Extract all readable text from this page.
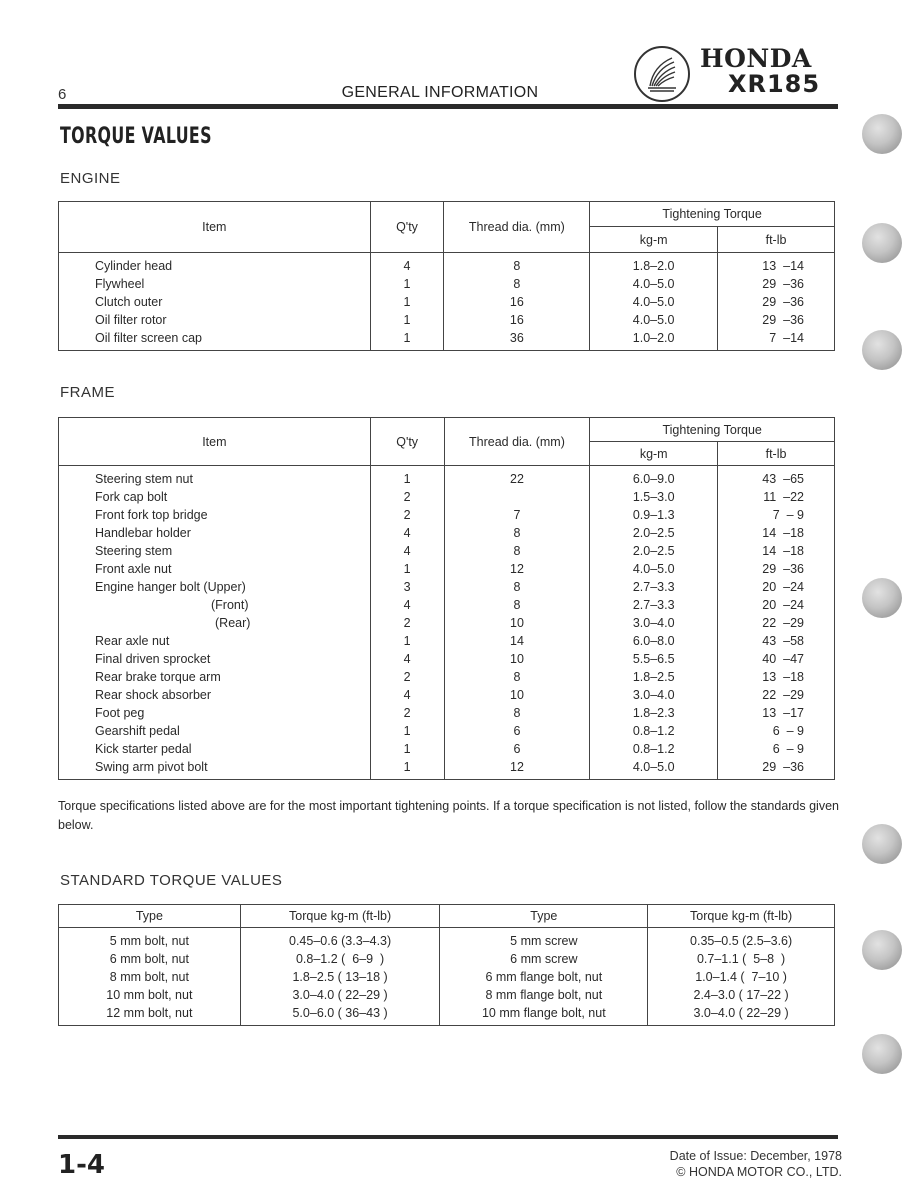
6	GENERAL INFORMATION
HONDA
XR185
TORQUE VALUES
ENGINE
Item	Q'ty	Thread dia. (mm)	Tightening Torque	
			kg-m	ft-lb
Cylinder head	4	8	1.8–2.0	13  –14
Flywheel	1	8	4.0–5.0	29  –36
Clutch outer	1	16	4.0–5.0	29  –36
Oil filter rotor	1	16	4.0–5.0	29  –36
Oil filter screen cap	1	36	1.0–2.0	7  –14
FRAME
Item	Q'ty	Thread dia. (mm)	Tightening Torque	
			kg-m	ft-lb
Steering stem nut	1	22	6.0–9.0	43  –65
Fork cap bolt	2		1.5–3.0	11  –22
Front fork top bridge	2	7	0.9–1.3	7  – 9
Handlebar holder	4	8	2.0–2.5	14  –18
Steering stem	4	8	2.0–2.5	14  –18
Front axle nut	1	12	4.0–5.0	29  –36
Engine hanger bolt (Upper)	3	8	2.7–3.3	20  –24
(Front)	4	8	2.7–3.3	20  –24
(Rear)	2	10	3.0–4.0	22  –29
Rear axle nut	1	14	6.0–8.0	43  –58
Final driven sprocket	4	10	5.5–6.5	40  –47
Rear brake torque arm	2	8	1.8–2.5	13  –18
Rear shock absorber	4	10	3.0–4.0	22  –29
Foot peg	2	8	1.8–2.3	13  –17
Gearshift pedal	1	6	0.8–1.2	6  – 9
Kick starter pedal	1	6	0.8–1.2	6  – 9
Swing arm pivot bolt	1	12	4.0–5.0	29  –36
Torque specifications listed above are for the most important tightening points. If a torque specification is not listed, follow the standards given below.
STANDARD TORQUE VALUES
Type	Torque kg-m (ft-lb)	Type	Torque kg-m (ft-lb)
5 mm bolt, nut	0.45–0.6 (3.3–4.3)	5 mm screw	0.35–0.5 (2.5–3.6)
6 mm bolt, nut	0.8–1.2 (  6–9  )	6 mm screw	0.7–1.1 (  5–8  )
8 mm bolt, nut	1.8–2.5 ( 13–18 )	6 mm flange bolt, nut	1.0–1.4 (  7–10 )
10 mm bolt, nut	3.0–4.0 ( 22–29 )	8 mm flange bolt, nut	2.4–3.0 ( 17–22 )
12 mm bolt, nut	5.0–6.0 ( 36–43 )	10 mm flange bolt, nut	3.0–4.0 ( 22–29 )
1-4	Date of Issue: December, 1978
© HONDA MOTOR CO., LTD.
